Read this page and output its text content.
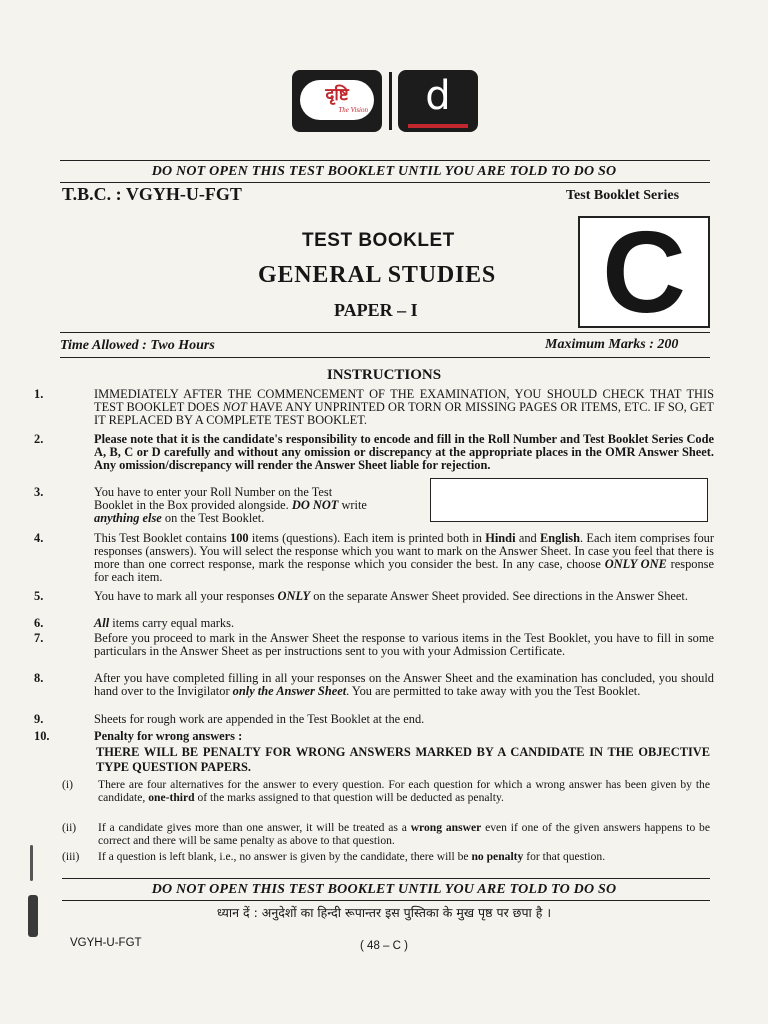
दृष्टि
The Vision	d
DO NOT OPEN THIS TEST BOOKLET UNTIL YOU ARE TOLD TO DO SO
T.B.C. : VGYH-U-FGT	Test Booklet Series
TEST BOOKLET
GENERAL STUDIES
PAPER – I C
Time Allowed : Two Hours	Maximum Marks : 200
INSTRUCTIONS
1.	IMMEDIATELY AFTER THE COMMENCEMENT OF THE EXAMINATION, YOU SHOULD CHECK THAT THIS TEST BOOKLET DOES NOT HAVE ANY UNPRINTED OR TORN OR MISSING PAGES OR ITEMS, ETC. IF SO, GET IT REPLACED BY A COMPLETE TEST BOOKLET.
2.	Please note that it is the candidate's responsibility to encode and fill in the Roll Number and Test Booklet Series Code A, B, C or D carefully and without any omission or discrepancy at the appropriate places in the OMR Answer Sheet. Any omission/discrepancy will render the Answer Sheet liable for rejection.
3.	You have to enter your Roll Number on the Test Booklet in the Box provided alongside. DO NOT write anything else on the Test Booklet.
4.	This Test Booklet contains 100 items (questions). Each item is printed both in Hindi and English. Each item comprises four responses (answers). You will select the response which you want to mark on the Answer Sheet. In case you feel that there is more than one correct response, mark the response which you consider the best. In any case, choose ONLY ONE response for each item.
5.	You have to mark all your responses ONLY on the separate Answer Sheet provided. See directions in the Answer Sheet.
6.	All items carry equal marks.
7.	Before you proceed to mark in the Answer Sheet the response to various items in the Test Booklet, you have to fill in some particulars in the Answer Sheet as per instructions sent to you with your Admission Certificate.
8.	After you have completed filling in all your responses on the Answer Sheet and the examination has concluded, you should hand over to the Invigilator only the Answer Sheet. You are permitted to take away with you the Test Booklet.
9.	Sheets for rough work are appended in the Test Booklet at the end.
10.	Penalty for wrong answers :
THERE WILL BE PENALTY FOR WRONG ANSWERS MARKED BY A CANDIDATE IN THE OBJECTIVE TYPE QUESTION PAPERS.
(i) There are four alternatives for the answer to every question. For each question for which a wrong answer has been given by the candidate, one-third of the marks assigned to that question will be deducted as penalty.
(ii) If a candidate gives more than one answer, it will be treated as a wrong answer even if one of the given answers happens to be correct and there will be same penalty as above to that question.
(iii) If a question is left blank, i.e., no answer is given by the candidate, there will be no penalty for that question.
DO NOT OPEN THIS TEST BOOKLET UNTIL YOU ARE TOLD TO DO SO
ध्यान दें : अनुदेशों का हिन्दी रूपान्तर इस पुस्तिका के मुख पृष्ठ पर छपा है ।
VGYH-U-FGT	( 48 – C )
